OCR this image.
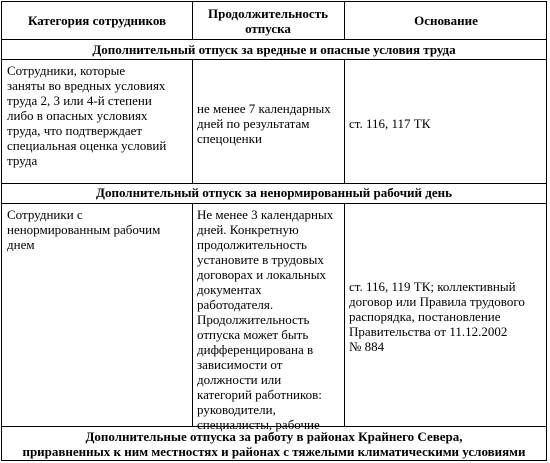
Категория сотрудников	Продолжительность
отпуска	Основание
Дополнительный отпуск за вредные и опасные условия труда
Сотрудники, которые
заняты во вредных условиях
труда 2, 3 или 4-й степени
либо в опасных условиях
труда, что подтверждает
специальная оценка условий
труда
не менее 7 календарных
дней по результатам
спецоценки
ст. 116, 117 ТК
Дополнительный отпуск за ненормированный рабочий день
Сотрудники с
ненормированным рабочим
днем
Не менее 3 календарных
дней. Конкретную
продолжительность
установите в трудовых
договорах и локальных
документах
работодателя.
Продолжительность
отпуска может быть
дифференцирована в
зависимости от
должности или
категорий работников:
руководители,
специалисты, рабочие
ст. 116, 119 ТК; коллективный
договор или Правила трудового
распорядка, постановление
Правительства от 11.12.2002
№ 884
Дополнительные отпуска за работу в районах Крайнего Севера,
приравненных к ним местностях и районах с тяжелыми климатическими условиями
